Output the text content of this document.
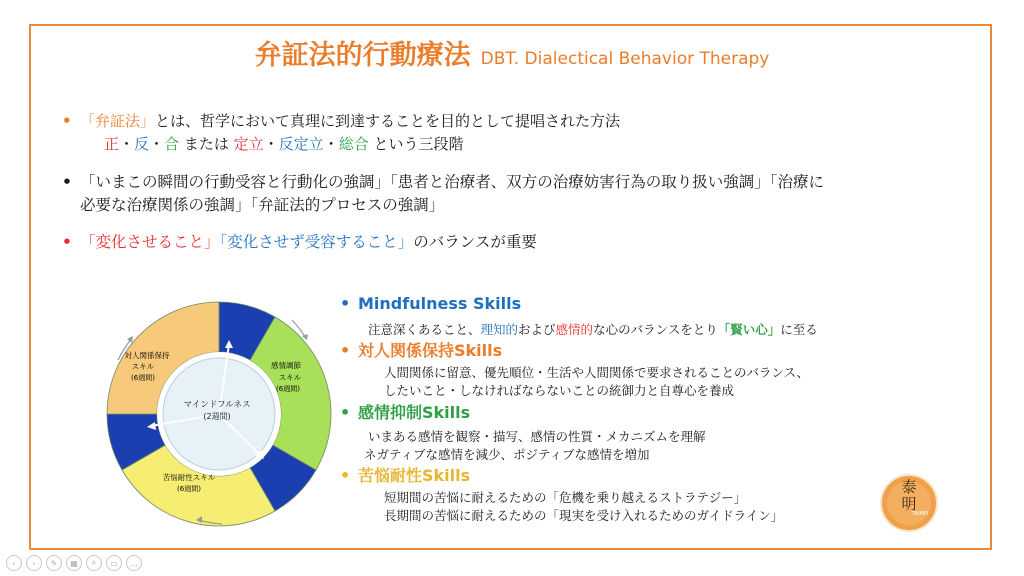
弁証法的行動療法 DBT. Dialectical Behavior Therapy
• 「弁証法」とは、哲学において真理に到達することを目的として提唱された方法
正・反・合 または 定立・反定立・総合 という三段階
• 「いまこの瞬間の行動受容と行動化の強調」「患者と治療者、双方の治療妨害行為の取り扱い強調」「治療に
必要な治療関係の強調」「弁証法的プロセスの強調」
• 「変化させること」「変化させず受容すること」のバランスが重要
• Mindfulness Skills
注意深くあること、理知的および感情的な心のバランスをとり「賢い心」に至る
• 対人関係保持Skills
人間関係に留意、優先順位・生活や人間関係で要求されることのバランス、
したいこと・しなければならないことの統御力と自尊心を養成
• 感情抑制Skills
いまある感情を観察・描写、感情の性質・メカニズムを理解
ネガティブな感情を減少、ポジティブな感情を増加
• 苦悩耐性Skills
短期間の苦悩に耐えるための「危機を乗り越えるストラテジー」
長期間の苦悩に耐えるための「現実を受け入れるためのガイドライン」
マインドフルネス
(2週間)
感情調節
スキル
(6週間)
苦悩耐性スキル
(6週間)
対人関係保持
スキル
(6週間)
泰
明
TAIMEI
‹	›	✎	▦	⌕	▭	…
